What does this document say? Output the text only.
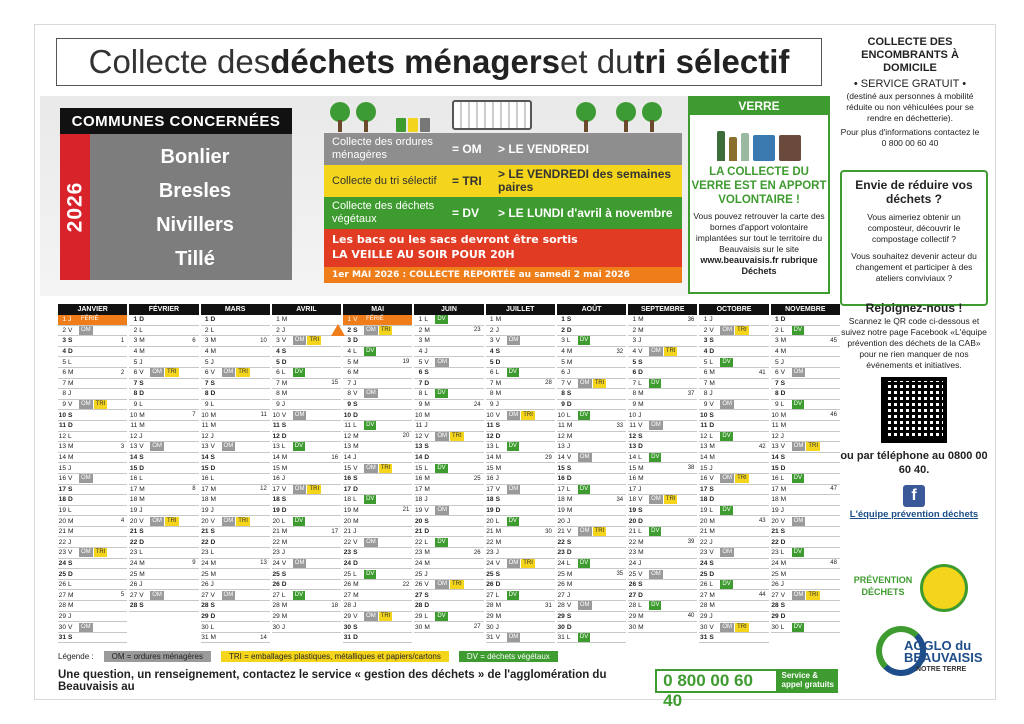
Collecte des déchets ménagers et du tri sélectif
COMMUNES CONCERNÉES
2026
Bonlier
Bresles
Nivillers
Tillé
Collecte des ordures ménagères	= OM	> LE VENDREDI
Collecte du tri sélectif	= TRI	> LE VENDREDI des semaines paires
Collecte des déchets végétaux	= DV	> LE LUNDI d'avril à novembre
Les bacs ou les sacs devront être sortis
LA VEILLE AU SOIR POUR 20H
1er MAI 2026 : COLLECTE REPORTÉE au samedi 2 mai 2026
VERRE
LA COLLECTE DU VERRE EST EN APPORT VOLONTAIRE !
Vous pouvez retrouver la carte des bornes d'apport volontaire implantées sur tout le territoire du Beauvaisis sur le site
www.beauvaisis.fr rubrique Déchets
COLLECTE DES ENCOMBRANTS À DOMICILE
• SERVICE GRATUIT •
(destiné aux personnes à mobilité réduite ou non véhiculées pour se rendre en déchetterie).
Pour plus d'informations contactez le 0 800 00 60 40
Envie de réduire vos déchets ?

Vous aimeriez obtenir un composteur, découvrir le compostage collectif ?

Vous souhaitez devenir acteur du changement et participer à des ateliers conviviaux ?

Rejoignez-nous !

Scannez le QR code ci-dessous et suivez notre page Facebook «L'équipe prévention des déchets de la CAB» pour ne rien manquer de nos événements et initiatives.

ou par téléphone au 0800 00 60 40.
f
L'équipe prévention déchets
PRÉVENTION DÉCHETS
AGGLO du BEAUVAISIS
NOTRE TERRE
JANVIER
1 J	FÉRIÉ
2 V	OM
3 S	1
4 D
5 L
6 M	2
7 M
8 J
9 V	OM TRI
10 S
11 D
12 L
13 M	3
14 M
15 J
16 V	OM
17 S
18 D
19 L
20 M	4
21 M
22 J
23 V	OM TRI
24 S
25 D
26 L
27 M	5
28 M
29 J
30 V	OM
31 S
FÉVRIER
1 D
2 L
3 M	6
4 M
5 J
6 V	OM TRI
7 S
8 D
9 L
10 M	7
11 M
12 J
13 V	OM
14 S
15 D
16 L
17 M	8
18 M
19 J
20 V	OM TRI
21 S
22 D
23 L
24 M	9
25 M
26 J
27 V	OM
28 S
MARS
1 D
2 L
3 M	10
4 M
5 J
6 V	OM TRI
7 S
8 D
9 L
10 M	11
11 M
12 J
13 V	OM
14 S
15 D
16 L
17 M	12
18 M
19 J
20 V	OM TRI
21 S
22 D
23 L
24 M	13
25 M
26 J
27 V	OM
28 S
29 D
30 L
31 M	14
AVRIL
1 M
2 J
3 V	OM TRI
4 S
5 D
6 L	DV
7 M	15
8 M
9 J
10 V	OM
11 S
12 D
13 L	DV
14 M	16
15 M
16 J
17 V	OM TRI
18 S
19 D
20 L	DV
21 M	17
22 M
23 J
24 V	OM
25 S
26 D
27 L	DV
28 M	18
29 M
30 J
MAI
1 V	FÉRIÉ
2 S	OM TRI
3 D
4 L	DV
5 M	19
6 M
7 J
8 V	OM
9 S
10 D
11 L	DV
12 M	20
13 M
14 J
15 V	OM TRI
16 S
17 D
18 L	DV
19 M	21
20 M
21 J
22 V	OM
23 S
24 D
25 L	DV
26 M	22
27 M
28 J
29 V	OM TRI
30 S
31 D
JUIN
1 L	DV
2 M	23
3 M
4 J
5 V	OM
6 S
7 D
8 L	DV
9 M	24
10 M
11 J
12 V	OM TRI
13 S
14 D
15 L	DV
16 M	25
17 M
18 J
19 V	OM
20 S
21 D
22 L	DV
23 M	26
24 M
25 J
26 V	OM TRI
27 S
28 D
29 L	DV
30 M	27
JUILLET
1 M
2 J
3 V	OM
4 S
5 D
6 L	DV
7 M	28
8 M
9 J
10 V	OM TRI
11 S
12 D
13 L	DV
14 M	29
15 M
16 J
17 V	OM
18 S
19 D
20 L	DV
21 M	30
22 M
23 J
24 V	OM TRI
25 S
26 D
27 L	DV
28 M	31
29 M
30 J
31 V	OM
AOÛT
1 S
2 D
3 L	DV
4 M	32
5 M
6 J
7 V	OM TRI
8 S
9 D
10 L	DV
11 M	33
12 M
13 J
14 V	OM
15 S
16 D
17 L	DV
18 M	34
19 M
20 J
21 V	OM TRI
22 S
23 D
24 L	DV
25 M	35
26 M
27 J
28 V	OM
29 S
30 D
31 L	DV
SEPTEMBRE
1 M	36
2 M
3 J
4 V	OM TRI
5 S
6 D
7 L	DV
8 M	37
9 M
10 J
11 V	OM
12 S
13 D
14 L	DV
15 M	38
16 M
17 J
18 V	OM TRI
19 S
20 D
21 L	DV
22 M	39
23 M
24 J
25 V	OM
26 S
27 D
28 L	DV
29 M	40
30 M
OCTOBRE
1 J
2 V	OM TRI
3 S
4 D
5 L	DV
6 M	41
7 M
8 J
9 V	OM
10 S
11 D
12 L	DV
13 M	42
14 M
15 J
16 V	OM TRI
17 S
18 D
19 L	DV
20 M	43
21 M
22 J
23 V	OM
24 S
25 D
26 L	DV
27 M	44
28 M
29 J
30 V	OM TRI
31 S
NOVEMBRE
1 D
2 L	DV
3 M	45
4 M
5 J
6 V	OM
7 S
8 D
9 L	DV
10 M	46
11 M
12 J
13 V	OM TRI
14 S
15 D
16 L	DV
17 M	47
18 M
19 J
20 V	OM
21 S
22 D
23 L	DV
24 M	48
25 M
26 J
27 V	OM TRI
28 S
29 D
30 L	DV
Légende :	OM = ordures ménagères	TRI = emballages plastiques, métalliques et papiers/cartons	DV = déchets végétaux
Une question, un renseignement, contactez le service « gestion des déchets » de l'agglomération du Beauvaisis au	0 800 00 60 40
Service & appel gratuits
